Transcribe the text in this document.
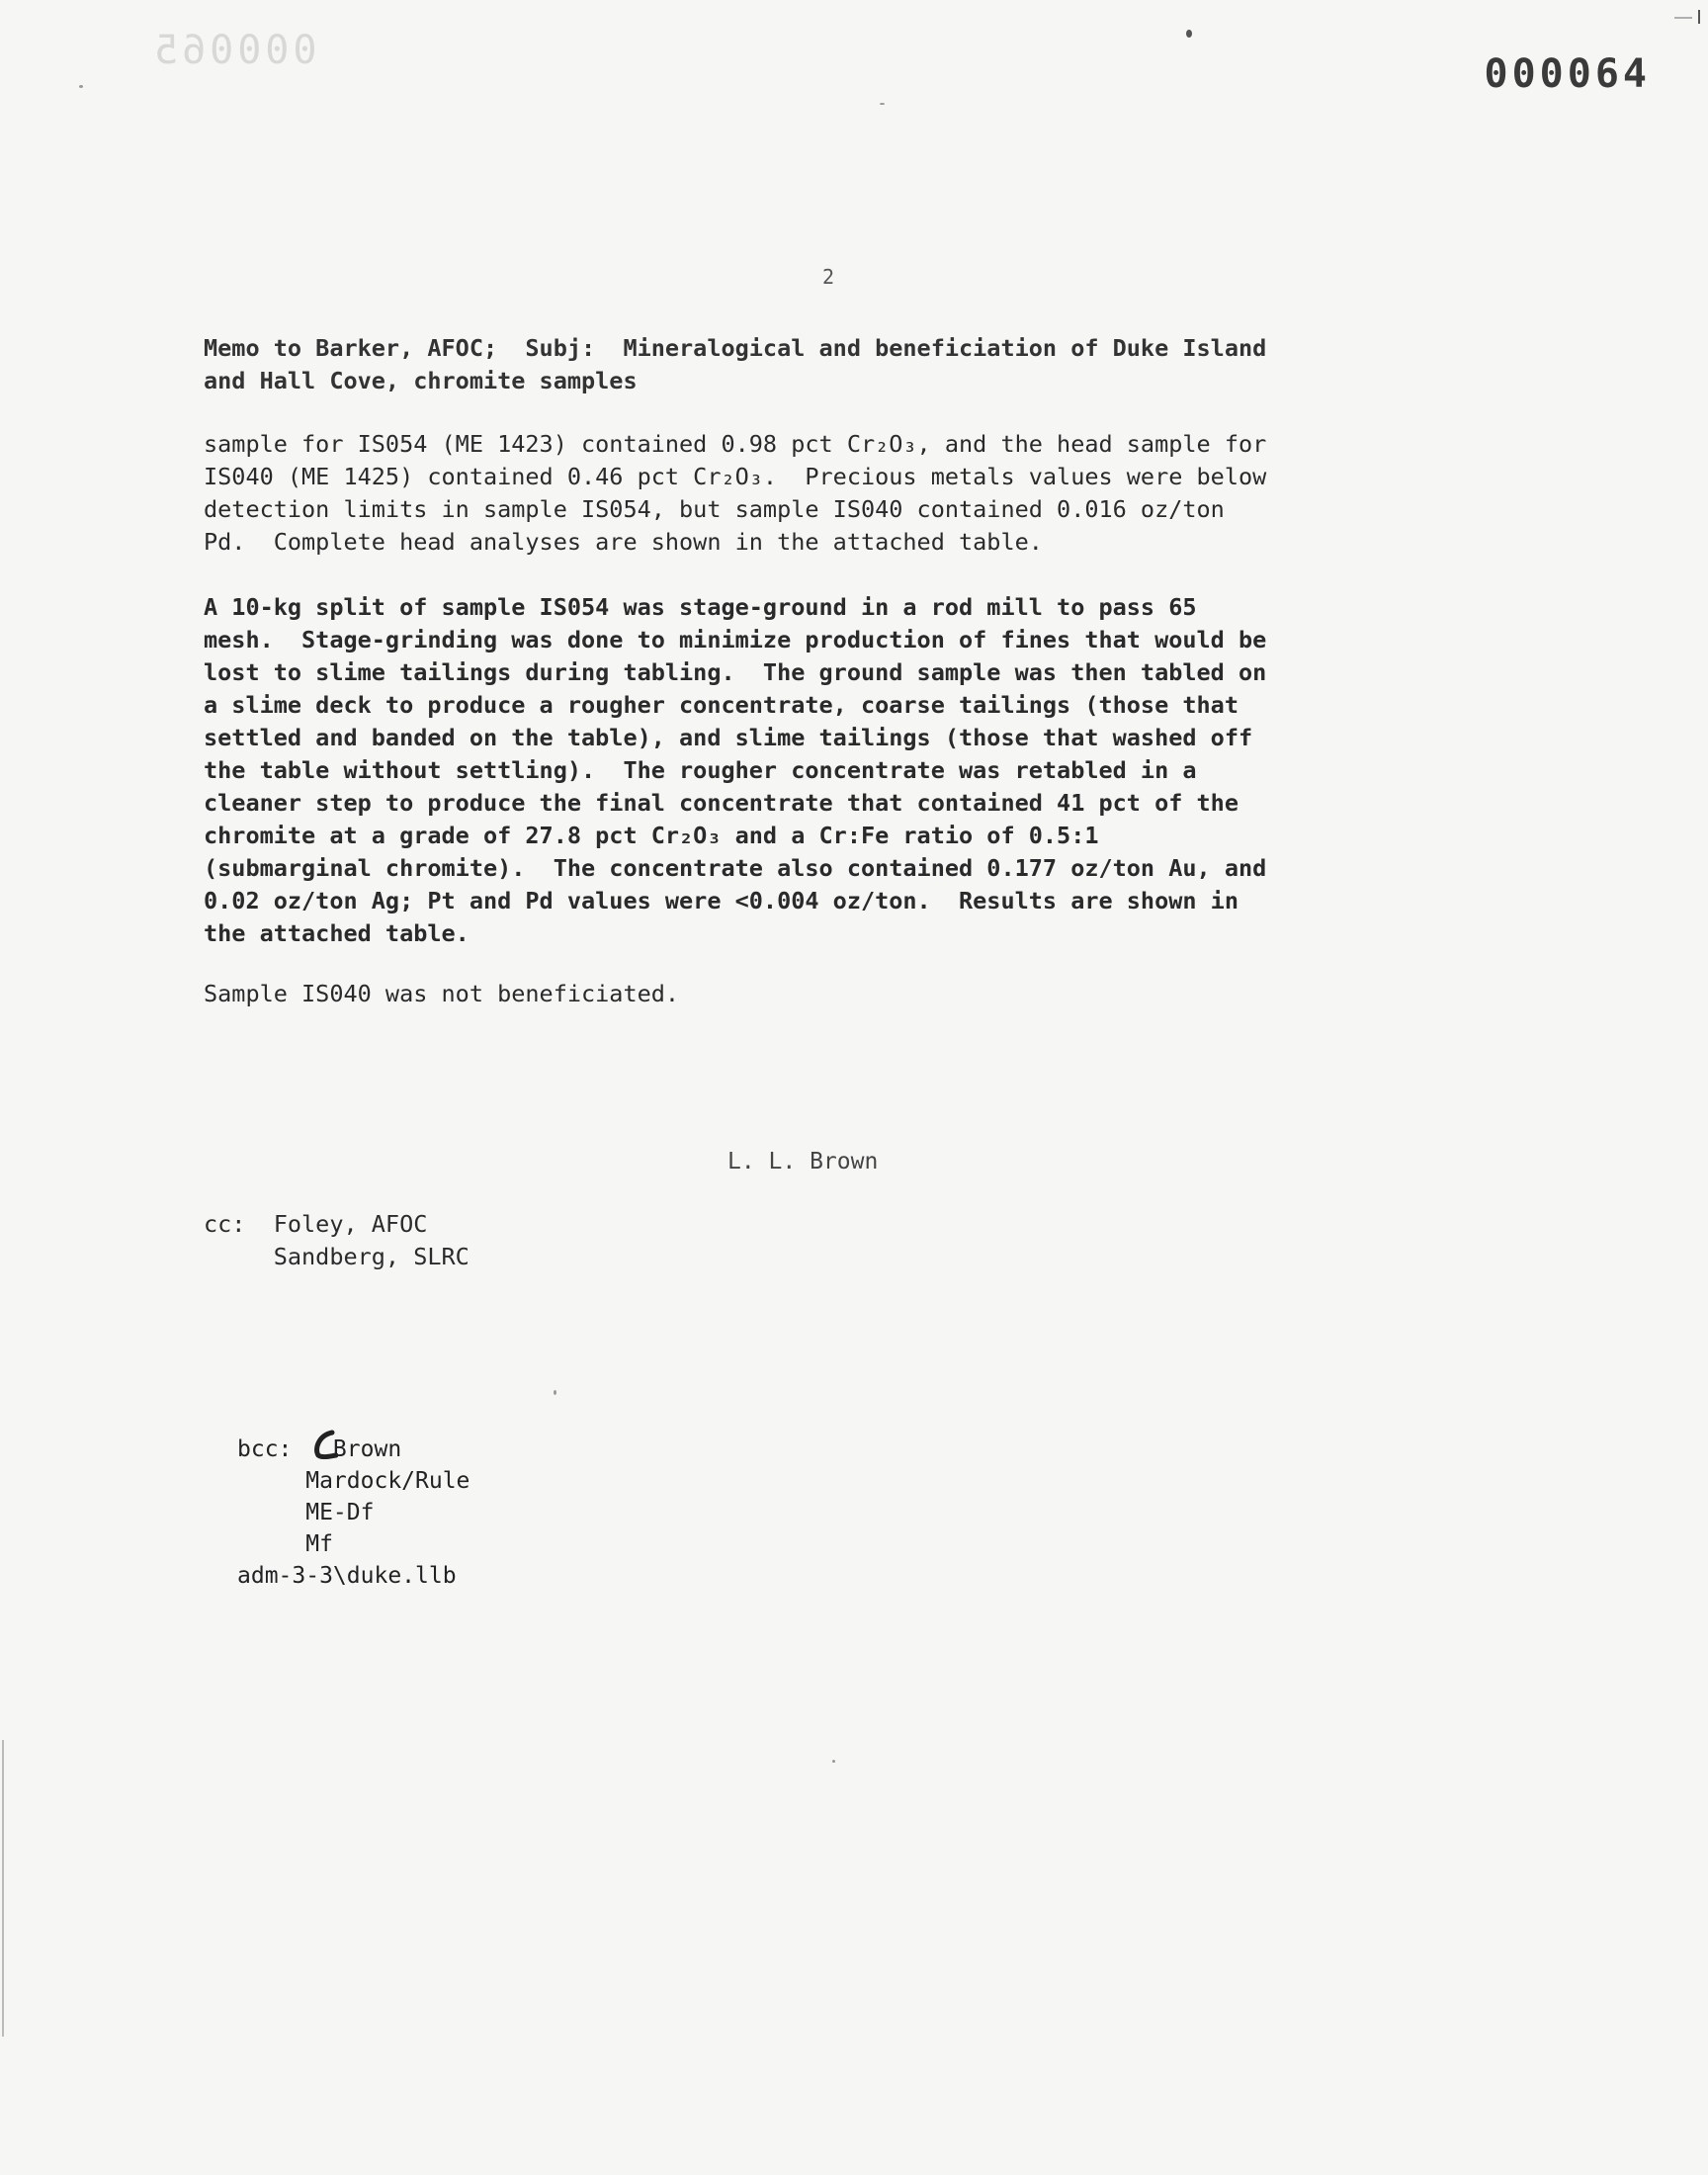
000065
000064
2
Memo to Barker, AFOC;  Subj:  Mineralogical and beneficiation of Duke Island
and Hall Cove, chromite samples
sample for IS054 (ME 1423) contained 0.98 pct Cr₂O₃, and the head sample for
IS040 (ME 1425) contained 0.46 pct Cr₂O₃.  Precious metals values were below
detection limits in sample IS054, but sample IS040 contained 0.016 oz/ton
Pd.  Complete head analyses are shown in the attached table.
A 10-kg split of sample IS054 was stage-ground in a rod mill to pass 65
mesh.  Stage-grinding was done to minimize production of fines that would be
lost to slime tailings during tabling.  The ground sample was then tabled on
a slime deck to produce a rougher concentrate, coarse tailings (those that
settled and banded on the table), and slime tailings (those that washed off
the table without settling).  The rougher concentrate was retabled in a
cleaner step to produce the final concentrate that contained 41 pct of the
chromite at a grade of 27.8 pct Cr₂O₃ and a Cr:Fe ratio of 0.5:1
(submarginal chromite).  The concentrate also contained 0.177 oz/ton Au, and
0.02 oz/ton Ag; Pt and Pd values were <0.004 oz/ton.  Results are shown in
the attached table.
Sample IS040 was not beneficiated.
L. L. Brown
cc:  Foley, AFOC
Sandberg, SLRC
bcc:   Brown
Mardock/Rule
ME-Df
Mf
adm-3-3\duke.llb
